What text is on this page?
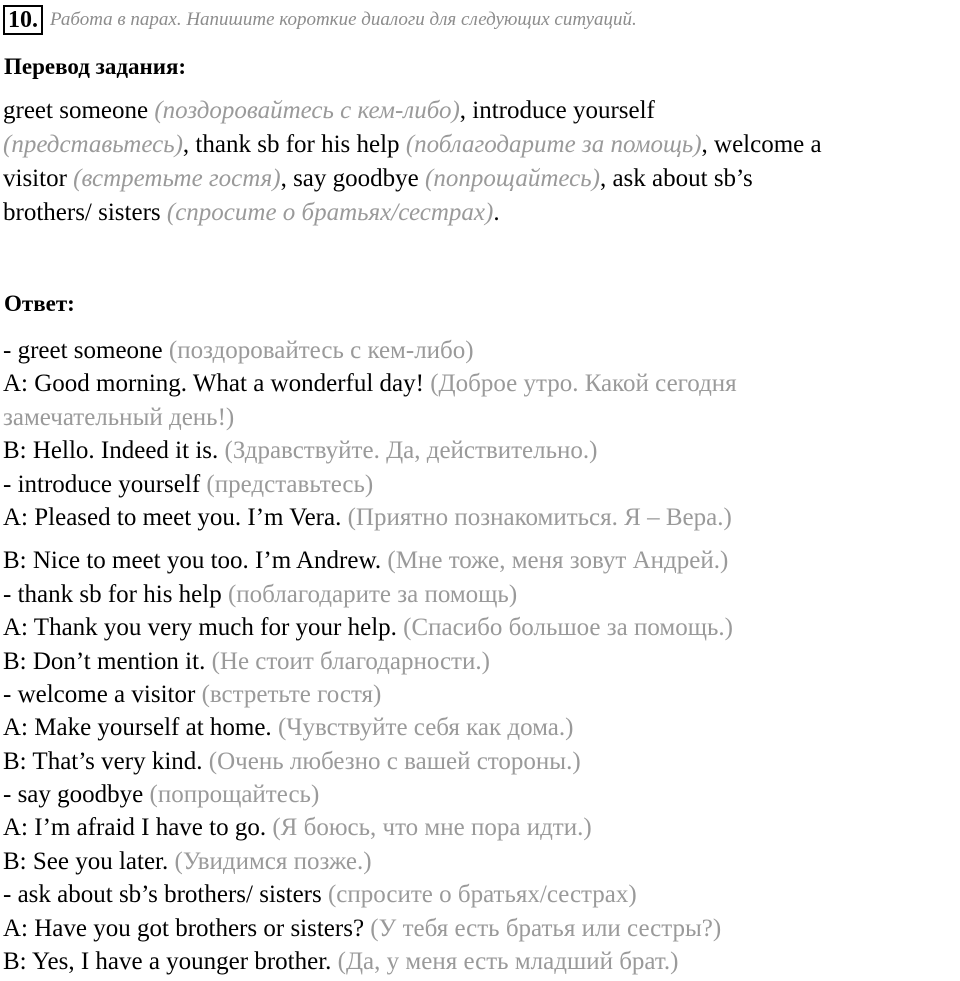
10. Работа в парах. Напишите короткие диалоги для следующих ситуаций.
Перевод задания:
greet someone (поздоровайтесь с кем-либо), introduce yourself
(представьтесь), thank sb for his help (поблагодарите за помощь), welcome a
visitor (встретьте гостя), say goodbye (попрощайтесь), ask about sb’s
brothers/ sisters (спросите о братьях/сестрах).
Ответ:
- greet someone (поздоровайтесь с кем-либо)
A: Good morning. What a wonderful day! (Доброе утро. Какой сегодня
замечательный день!)
B: Hello. Indeed it is. (Здравствуйте. Да, действительно.)
- introduce yourself (представьтесь)
A: Pleased to meet you. I’m Vera. (Приятно познакомиться. Я – Вера.)
B: Nice to meet you too. I’m Andrew. (Мне тоже, меня зовут Андрей.)
- thank sb for his help (поблагодарите за помощь)
A: Thank you very much for your help. (Спасибо большое за помощь.)
B: Don’t mention it. (Не стоит благодарности.)
- welcome a visitor (встретьте гостя)
A: Make yourself at home. (Чувствуйте себя как дома.)
B: That’s very kind. (Очень любезно с вашей стороны.)
- say goodbye (попрощайтесь)
A: I’m afraid I have to go. (Я боюсь, что мне пора идти.)
B: See you later. (Увидимся позже.)
- ask about sb’s brothers/ sisters (спросите о братьях/сестрах)
A: Have you got brothers or sisters? (У тебя есть братья или сестры?)
B: Yes, I have a younger brother. (Да, у меня есть младший брат.)
